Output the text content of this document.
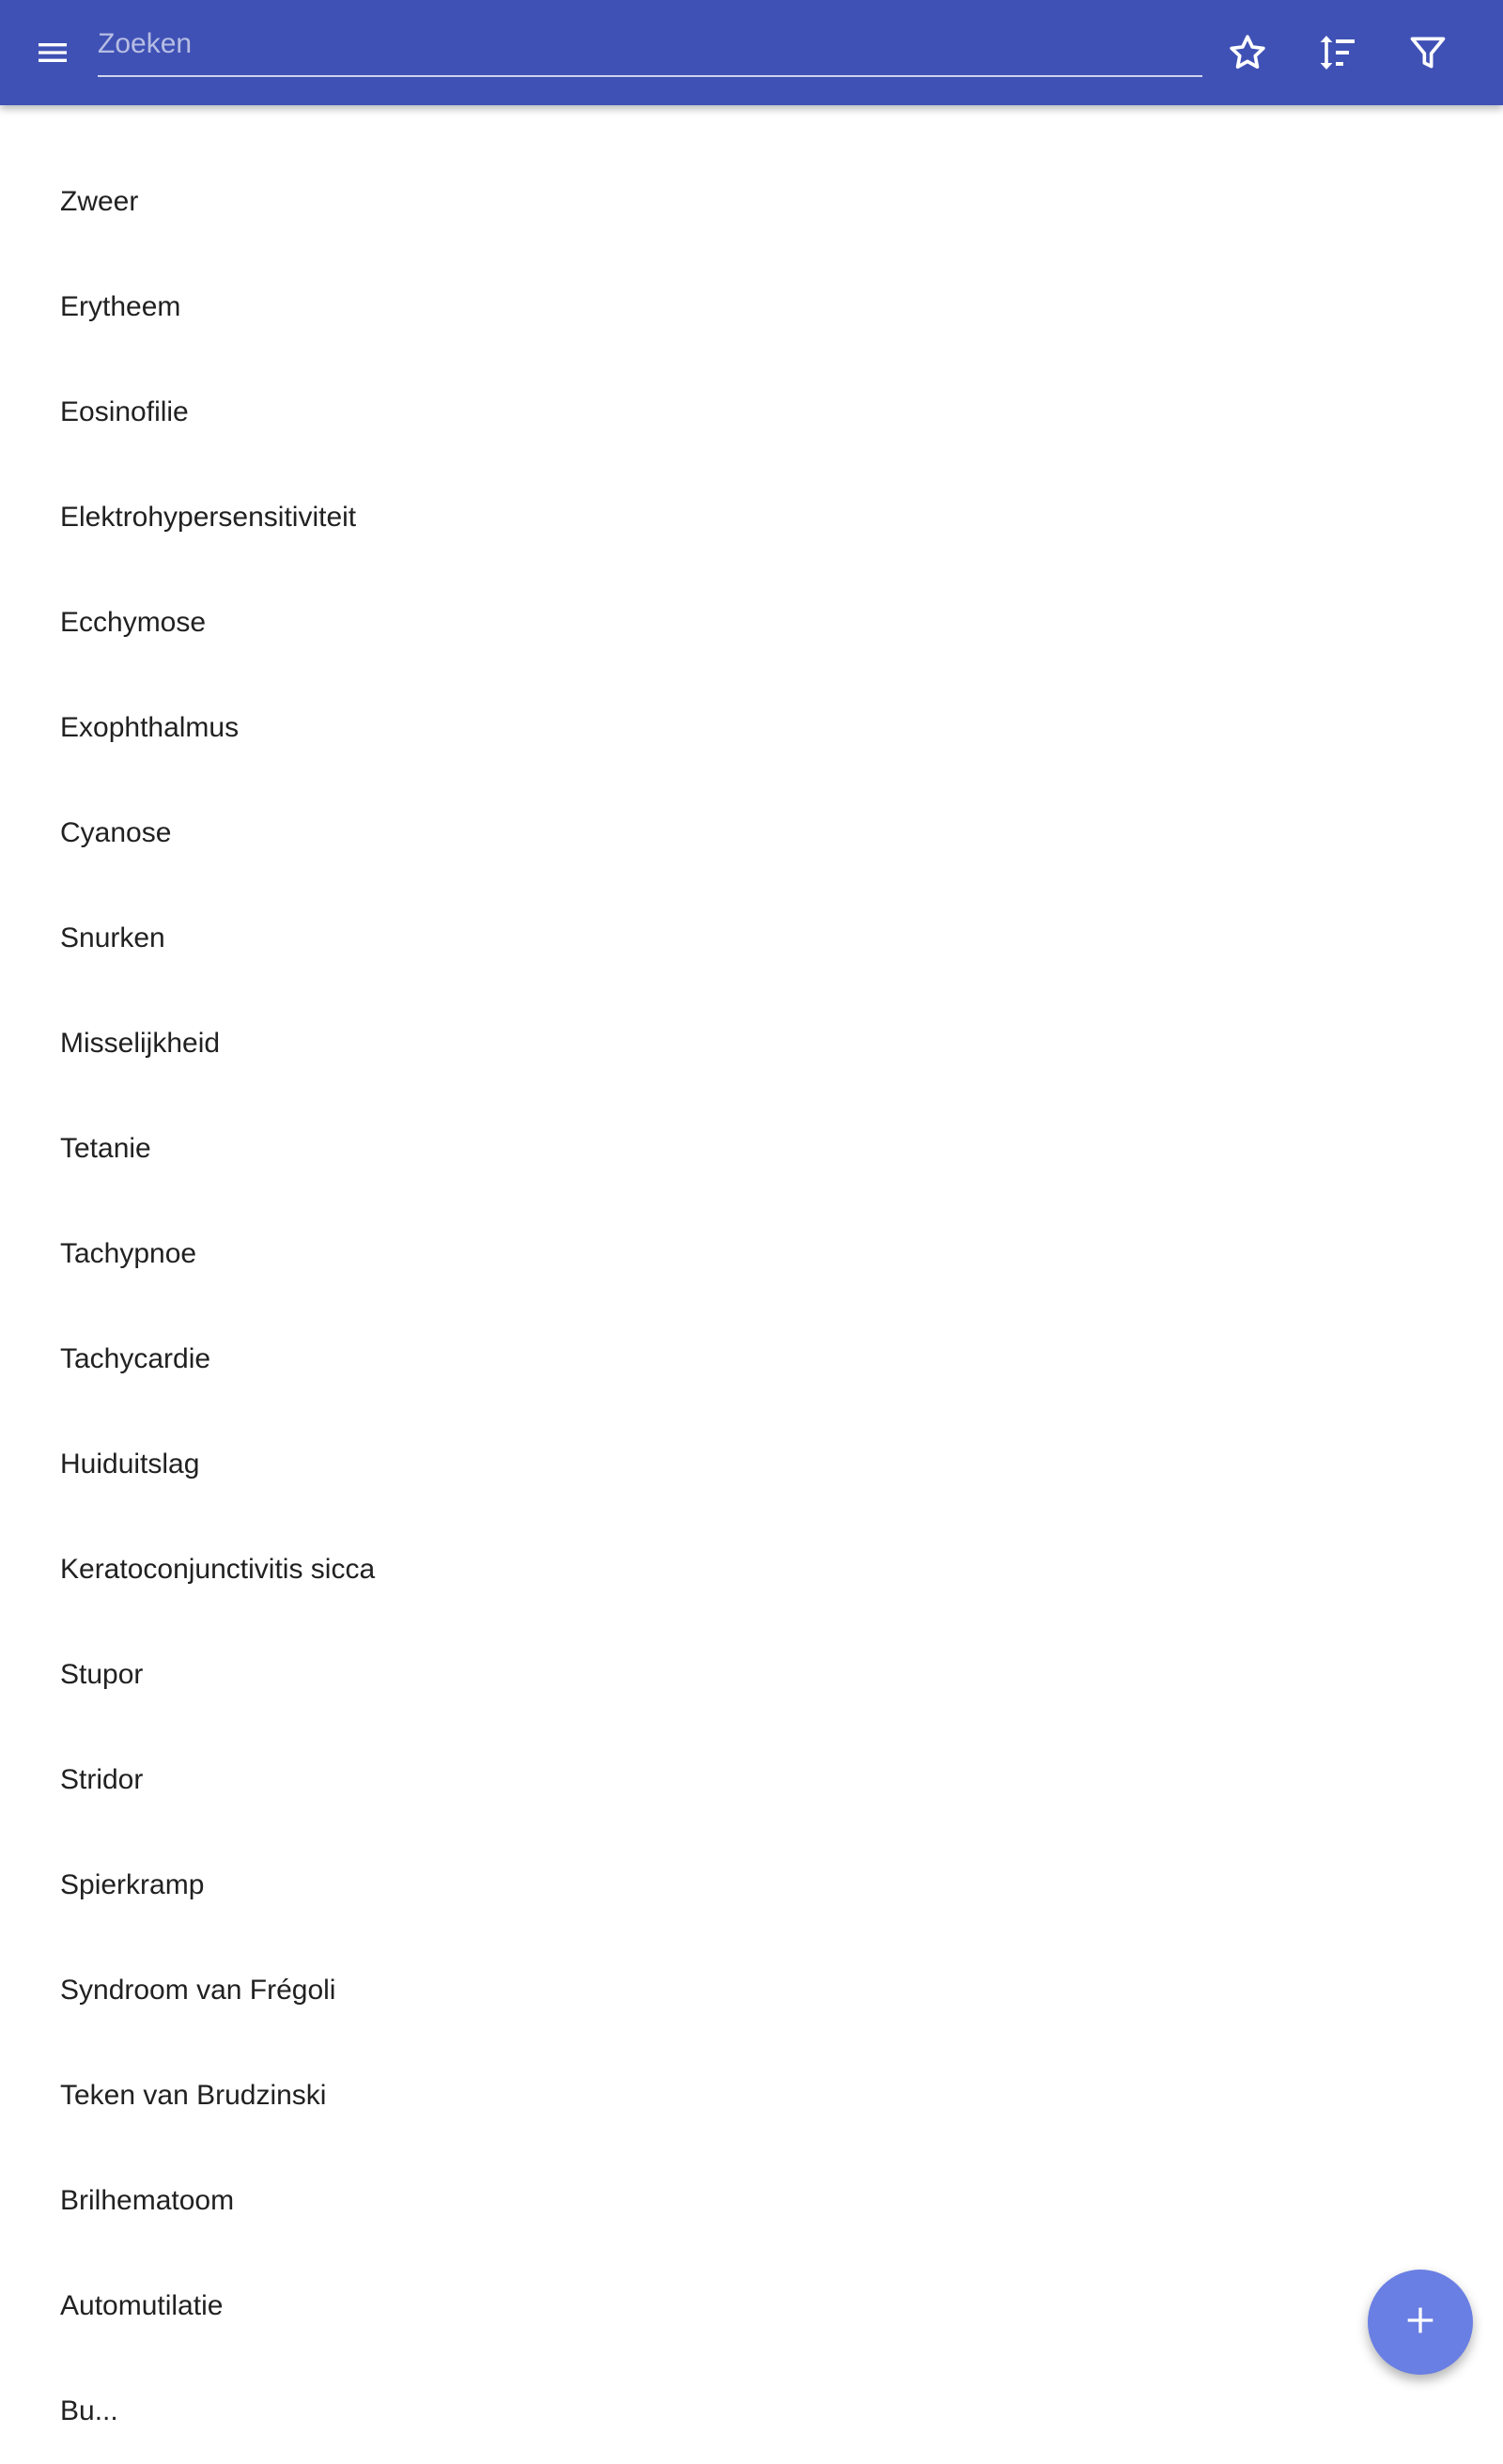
Zoeken
Zweer
Erytheem
Eosinofilie
Elektrohypersensitiviteit
Ecchymose
Exophthalmus
Cyanose
Snurken
Misselijkheid
Tetanie
Tachypnoe
Tachycardie
Huiduitslag
Keratoconjunctivitis sicca
Stupor
Stridor
Spierkramp
Syndroom van Frégoli
Teken van Brudzinski
Brilhematoom
Automutilatie
Bu...
